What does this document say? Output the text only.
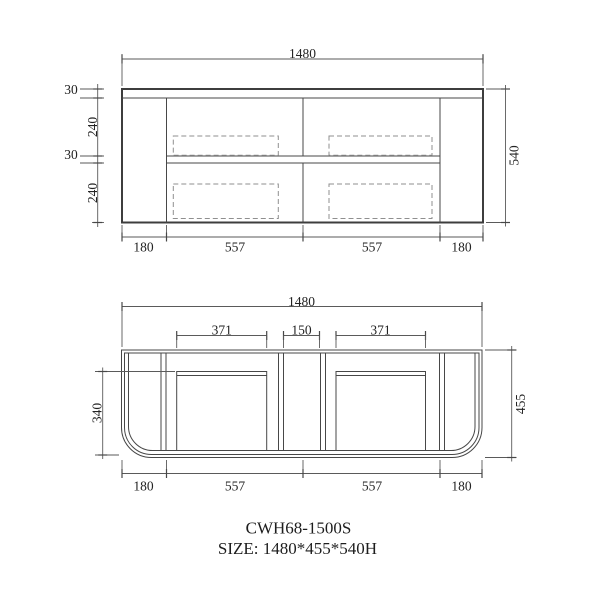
1480
30
240
30
240
540
180	557	557	180
1480
371	150	371
340	455
180	557	557	180
CWH68-1500S
SIZE: 1480*455*540H
